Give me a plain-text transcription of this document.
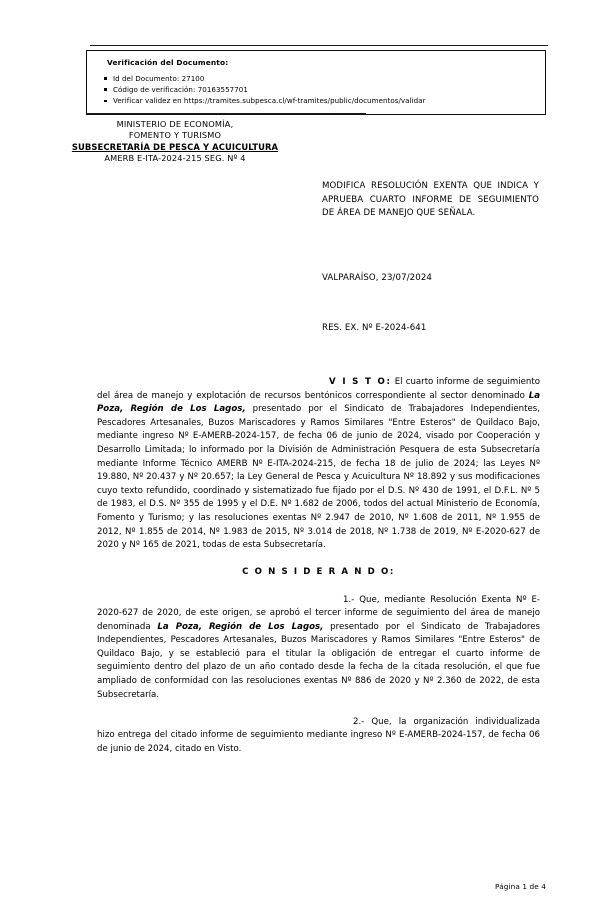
Verificación del Documento:
Id del Documento: 27100
Código de verificación: 70163557701
Verificar validez en https://tramites.subpesca.cl/wf-tramites/public/documentos/validar
MINISTERIO DE ECONOMÍA,
FOMENTO Y TURISMO
SUBSECRETARÍA DE PESCA Y ACUICULTURA
AMERB E-ITA-2024-215 SEG. Nº 4
MODIFICA RESOLUCIÓN EXENTA QUE INDICA Y APRUEBA CUARTO INFORME DE SEGUIMIENTO DE ÁREA DE MANEJO QUE SEÑALA.
VALPARAÍSO, 23/07/2024
RES. EX. Nº E-2024-641

V I S T O: El cuarto informe de seguimiento del área de manejo y explotación de recursos bentónicos correspondiente al sector denominado La Poza, Región de Los Lagos, presentado por el Sindicato de Trabajadores Independientes, Pescadores Artesanales, Buzos Mariscadores y Ramos Similares "Entre Esteros" de Quildaco Bajo, mediante ingreso Nº E-AMERB-2024-157, de fecha 06 de junio de 2024, visado por Cooperación y Desarrollo Limitada; lo informado por la División de Administración Pesquera de esta Subsecretaría mediante Informe Técnico AMERB Nº E-ITA-2024-215, de fecha 18 de julio de 2024; las Leyes Nº 19.880, Nº 20.437 y Nº 20.657; la Ley General de Pesca y Acuicultura Nº 18.892 y sus modificaciones cuyo texto refundido, coordinado y sistematizado fue fijado por el D.S. Nº 430 de 1991, el D.F.L. Nº 5 de 1983, el D.S. Nº 355 de 1995 y el D.E. Nº 1.682 de 2006, todos del actual Ministerio de Economía, Fomento y Turismo; y las resoluciones exentas Nº 2.947 de 2010, Nº 1.608 de 2011, Nº 1.955 de 2012, Nº 1.855 de 2014, Nº 1.983 de 2015, Nº 3.014 de 2018, Nº 1.738 de 2019, Nº E-2020-627 de 2020 y Nº 165 de 2021, todas de esta Subsecretaría.

C O N S I D E R A N D O:

1.- Que, mediante Resolución Exenta Nº E-2020-627 de 2020, de este origen, se aprobó el tercer informe de seguimiento del área de manejo denominada La Poza, Región de Los Lagos, presentado por el Sindicato de Trabajadores Independientes, Pescadores Artesanales, Buzos Mariscadores y Ramos Similares "Entre Esteros" de Quildaco Bajo, y se estableció para el titular la obligación de entregar el cuarto informe de seguimiento dentro del plazo de un año contado desde la fecha de la citada resolución, el que fue ampliado de conformidad con las resoluciones exentas Nº 886 de 2020 y Nº 2.360 de 2022, de esta Subsecretaría.

2.- Que, la organización individualizada hizo entrega del citado informe de seguimiento mediante ingreso Nº E-AMERB-2024-157, de fecha 06 de junio de 2024, citado en Visto.

Página 1 de 4
